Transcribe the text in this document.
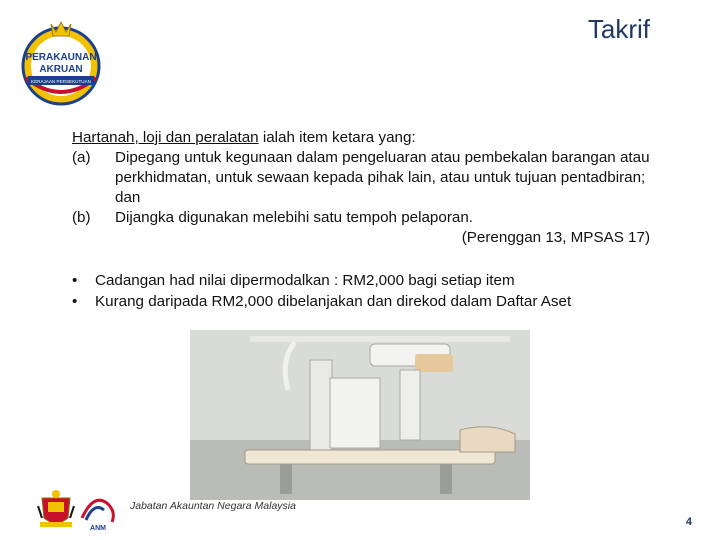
PERAKAUNAN
AKRUAN
KERAJAAN PERSEKUTUAN
Takrif
Hartanah, loji dan peralatan ialah item ketara yang:
(a)	Dipegang untuk kegunaan dalam pengeluaran atau pembekalan barangan atau perkhidmatan, untuk sewaan kepada pihak lain, atau untuk tujuan pentadbiran; dan
(b)	Dijangka digunakan melebihi satu tempoh pelaporan.
(Perenggan 13, MPSAS 17)
•	Cadangan had nilai dipermodalkan : RM2,000 bagi setiap item
•	Kurang daripada RM2,000 dibelanjakan dan direkod dalam Daftar Aset
ANM
Jabatan Akauntan Negara Malaysia
4
